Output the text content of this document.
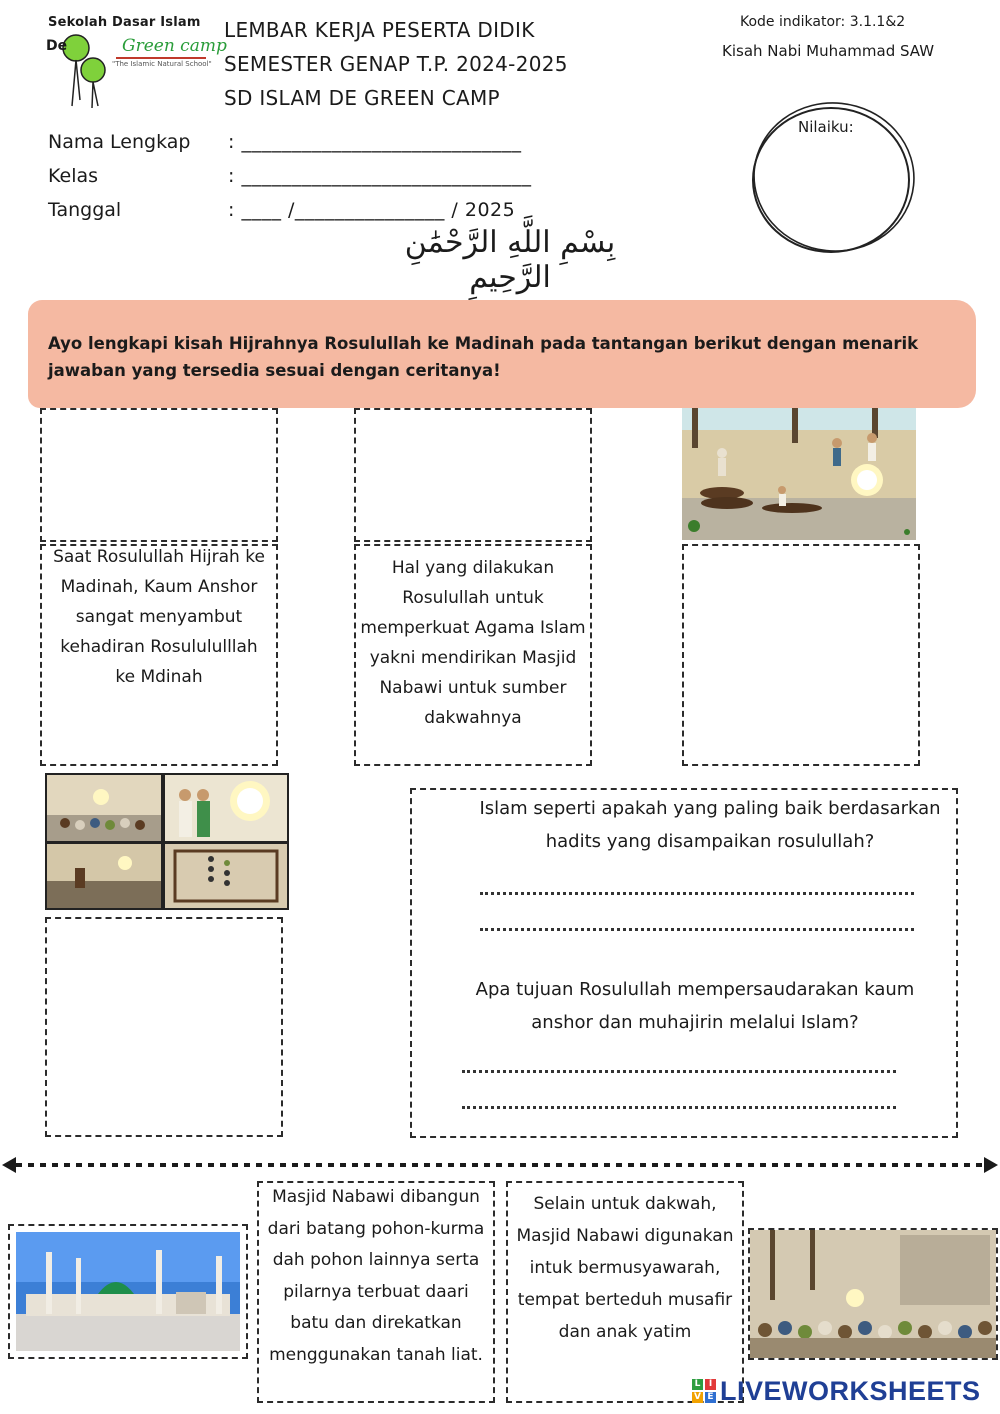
Sekolah Dasar Islam
De	Green camp
"The Islamic Natural School"
LEMBAR KERJA PESERTA DIDIK
SEMESTER GENAP T.P. 2024-2025
SD ISLAM DE GREEN CAMP
Kode indikator: 3.1.1&2
Kisah Nabi Muhammad SAW
Nilaiku:
Nama Lengkap : ____________________________
Kelas	: _____________________________
Tanggal	: ____ /_______________ / 2025
بِسْمِ اللَّهِ الرَّحْمَٰنِ الرَّحِيمِ
Ayo lengkapi kisah Hijrahnya Rosulullah ke Madinah pada tantangan berikut dengan menarik jawaban yang tersedia sesuai dengan ceritanya!
Saat Rosulullah Hijrah ke Madinah, Kaum Anshor sangat menyambut kehadiran Rosulululllah ke Mdinah
Hal yang dilakukan Rosulullah untuk memperkuat Agama Islam yakni mendirikan Masjid Nabawi untuk sumber dakwahnya
Islam seperti apakah yang paling baik berdasarkan hadits yang disampaikan rosulullah?
Apa tujuan Rosulullah mempersaudarakan kaum anshor dan muhajirin melalui Islam?
Masjid Nabawi dibangun dari batang pohon-kurma dah pohon lainnya serta pilarnya terbuat daari batu dan direkatkan menggunakan tanah liat.
Selain untuk dakwah, Masjid Nabawi digunakan intuk bermusyawarah, tempat berteduh musafir dan anak yatim
L I
V E LIVEWORKSHEETS
